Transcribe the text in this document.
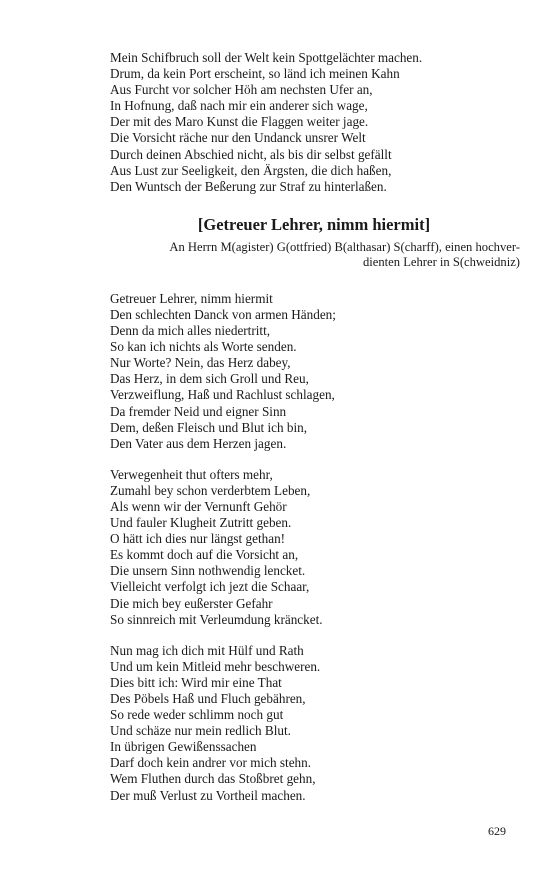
Mein Schifbruch soll der Welt kein Spottgelächter machen.
Drum, da kein Port erscheint, so länd ich meinen Kahn
Aus Furcht vor solcher Höh am nechsten Ufer an,
In Hofnung, daß nach mir ein anderer sich wage,
Der mit des Maro Kunst die Flaggen weiter jage.
Die Vorsicht räche nur den Undanck unsrer Welt
Durch deinen Abschied nicht, als bis dir selbst gefällt
Aus Lust zur Seeligkeit, den Ärgsten, die dich haßen,
Den Wuntsch der Beßerung zur Straf zu hinterlaßen.
[Getreuer Lehrer, nimm hiermit]
An Herrn M(agister) G(ottfried) B(althasar) S(charff), einen hochver-
dienten Lehrer in S(chweidniz)
Getreuer Lehrer, nimm hiermit
Den schlechten Danck von armen Händen;
Denn da mich alles niedertritt,
So kan ich nichts als Worte senden.
Nur Worte? Nein, das Herz dabey,
Das Herz, in dem sich Groll und Reu,
Verzweiflung, Haß und Rachlust schlagen,
Da fremder Neid und eigner Sinn
Dem, deßen Fleisch und Blut ich bin,
Den Vater aus dem Herzen jagen.
Verwegenheit thut ofters mehr,
Zumahl bey schon verderbtem Leben,
Als wenn wir der Vernunft Gehör
Und fauler Klugheit Zutritt geben.
O hätt ich dies nur längst gethan!
Es kommt doch auf die Vorsicht an,
Die unsern Sinn nothwendig lencket.
Vielleicht verfolgt ich jezt die Schaar,
Die mich bey eußerster Gefahr
So sinnreich mit Verleumdung kräncket.
Nun mag ich dich mit Hülf und Rath
Und um kein Mitleid mehr beschweren.
Dies bitt ich: Wird mir eine That
Des Pöbels Haß und Fluch gebähren,
So rede weder schlimm noch gut
Und schäze nur mein redlich Blut.
In übrigen Gewißenssachen
Darf doch kein andrer vor mich stehn.
Wem Fluthen durch das Stoßbret gehn,
Der muß Verlust zu Vortheil machen.
629
